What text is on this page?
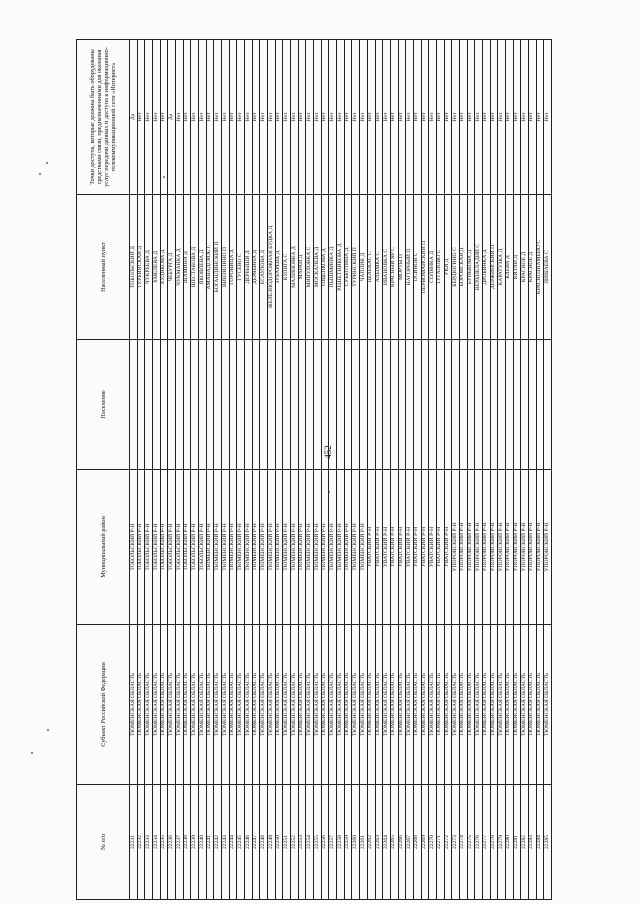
452
№ п/п	Субъект Российской Федерации	Муниципальный район	Поселение	Населенный пункт	Точки доступа, которые должны быть оборудованы средствами связи, предназначенными для оказания услуг передачи данных и доступа к информационно-телекоммуникационной сети «Интернет»
22231	ТЮМЕНСКАЯ ОБЛАСТЬ	ТОБОЛЬСКИЙ Р-Н		ТОБОЛЬСКИЙ Д	Да
22232	ТЮМЕНСКАЯ ОБЛАСТЬ	ТОБОЛЬСКИЙ Р-Н		ТУРБИНСКАЯ Д	Нет
22233	ТЮМЕНСКАЯ ОБЛАСТЬ	ТОБОЛЬСКИЙ Р-Н		ЧУКРЕЕВА Д	Нет
22234	ТЮМЕНСКАЯ ОБЛАСТЬ	ТОБОЛЬСКИЙ Р-Н		ХМЕЛЕВА Д	Нет
22235	ТЮМЕНСКАЯ ОБЛАСТЬ	ТОБОЛЬСКИЙ Р-Н		ХУДЯКОВА Д	Нет
22236	ТЮМЕНСКАЯ ОБЛАСТЬ	ТОБОЛЬСКИЙ Р-Н		ЧЕБУРГА Д	Да
22237	ТЮМЕНСКАЯ ОБЛАСТЬ	ТОБОЛЬСКИЙ Р-Н		ЧУКМАНКА Д	Нет
22238	ТЮМЕНСКАЯ ОБЛАСТЬ	ТОБОЛЬСКИЙ Р-Н		ШАМИНА Д	Нет
22239	ТЮМЕНСКАЯ ОБЛАСТЬ	ТОБОЛЬСКИЙ Р-Н		ШЕСТАКОВА Д	Нет
22240	ТЮМЕНСКАЯ ОБЛАСТЬ	ТОБОЛЬСКИЙ Р-Н		ЯКОВЛЕВА Д	Нет
22241	ТЮМЕНСКАЯ ОБЛАСТЬ	ТЮМЕНСКИЙ Р-Н		АМАНАДСКОЕ С	Нет
22242	ТЮМЕНСКАЯ ОБЛАСТЬ	ТЮМЕНСКИЙ Р-Н		БОГАНДИНСКИЙ П	Нет
22243	ТЮМЕНСКАЯ ОБЛАСТЬ	ТЮМЕНСКИЙ Р-Н		ВИНЗИЛИНО П	Нет
22244	ТЮМЕНСКАЯ ОБЛАСТЬ	ТЮМЕНСКИЙ Р-Н		ГОРОВИЦА Д	Нет
22245	ТЮМЕНСКАЯ ОБЛАСТЬ	ТЮМЕНСКИЙ Р-Н		ГУСЕВО С	Нет
22246	ТЮМЕНСКАЯ ОБЛАСТЬ	ТЮМЕНСКИЙ Р-Н		ДЕРБЫШИ Д	Нет
22247	ТЮМЕНСКАЯ ОБЛАСТЬ	ТЮМЕНСКИЙ Р-Н		ДЕРЯБИНА Д	Нет
22248	ТЮМЕНСКАЯ ОБЛАСТЬ	ТЮМЕНСКИЙ Р-Н		ЕСАУЛОВА Д	Нет
22249	ТЮМЕНСКАЯ ОБЛАСТЬ	ТЮМЕНСКИЙ Р-Н		ЖЕЛЕЗНОДОРОЖНАЯ БУДКА Д	Нет
22250	ТЮМЕНСКАЯ ОБЛАСТЬ	ТЮМЕНСКИЙ Р-Н		ЗУБАРЕВА Д	Нет
22251	ТЮМЕНСКАЯ ОБЛАСТЬ	ТЮМЕНСКИЙ Р-Н		КУЛИГА С	Нет
22252	ТЮМЕНСКАЯ ОБЛАСТЬ	ТЮМЕНСКИЙ Р-Н		МАЛИНОВКА Д	Нет
22253	ТЮМЕНСКАЯ ОБЛАСТЬ	ТЮМЕНСКИЙ Р-Н		МАРАЙ Д	Нет
22254	ТЮМЕНСКАЯ ОБЛАСТЬ	ТЮМЕНСКИЙ Р-Н		МИНУЛОВКА С	Нет
22255	ТЮМЕНСКАЯ ОБЛАСТЬ	ТЮМЕНСКИЙ Р-Н		МОСКАЛЕВА Д	Нет
22256	ТЮМЕНСКАЯ ОБЛАСТЬ	ТЮМЕНСКИЙ Р-Н		ОЩЕПКОВА Д	Нет
22257	ТЮМЕНСКАЯ ОБЛАСТЬ	ТЮМЕНСКИЙ Р-Н		ПЫШМИНКА Д	Нет
22258	ТЮМЕНСКАЯ ОБЛАСТЬ	ТЮМЕНСКИЙ Р-Н		РЕШЕТНИКОВА Д	Нет
22259	ТЮМЕНСКАЯ ОБЛАСТЬ	ТЮМЕНСКИЙ Р-Н		СУББОТИНА Д	Нет
22260	ТЮМЕНСКАЯ ОБЛАСТЬ	ТЮМЕНСКИЙ Р-Н		ТУРИНСКИЙ П	Нет
22261	ТЮМЕНСКАЯ ОБЛАСТЬ	ТЮМЕНСКИЙ Р-Н		ЧАПЛИК Д	Нет
22262	ТЮМЕНСКАЯ ОБЛАСТЬ	УВАТСКИЙ Р-Н		ЦЕЛЕКАС С	Нет
22263	ТЮМЕНСКАЯ ОБЛАСТЬ	УВАТСКИЙ Р-Н		АЛЫМКА С	Нет
22264	ТЮМЕНСКАЯ ОБЛАСТЬ	УВАТСКИЙ Р-Н		ИВАНОВКА С	Нет
22265	ТЮМЕНСКАЯ ОБЛАСТЬ	УВАТСКИЙ Р-Н		КРАСНЫЙ ЯР С	Нет
22266	ТЮМЕНСКАЯ ОБЛАСТЬ	УВАТСКИЙ Р-Н		МОРТЫ П	Нет
22267	ТЮМЕНСКАЯ ОБЛАСТЬ	УВАТСКИЙ Р-Н		НАГОРНЫЙ П	Нет
22268	ТЮМЕНСКАЯ ОБЛАСТЬ	УВАТСКИЙ Р-Н		ОСИНОВ С	Нет
22269	ТЮМЕНСКАЯ ОБЛАСТЬ	УВАТСКИЙ Р-Н		ПЕРВОМАЙСКИЙ П	Нет
22270	ТЮМЕНСКАЯ ОБЛАСТЬ	УВАТСКИЙ Р-Н		СОЛЯНКА Д	Нет
22271	ТЮМЕНСКАЯ ОБЛАСТЬ	УВАТСКИЙ Р-Н		ТУГАЛОВО С	Нет
22272	ТЮМЕНСКАЯ ОБЛАСТЬ	УВАТСКИЙ Р-Н		УКИ Д	Нет
22273	ТЮМЕНСКАЯ ОБЛАСТЬ	УПОРОВСКИЙ Р-Н		БЕРДЮГИНО С	Нет
22274	ТЮМЕНСКАЯ ОБЛАСТЬ	УПОРОВСКИЙ Р-Н		БОРОВСКАЯ Д	Нет
22275	ТЮМЕНСКАЯ ОБЛАСТЬ	УПОРОВСКИЙ Р-Н		БУНЬКОВА Д	Нет
22276	ТЮМЕНСКАЯ ОБЛАСТЬ	УПОРОВСКИЙ Р-Н		ВЕРХНЕЛАДИЙ С	Нет
22277	ТЮМЕНСКАЯ ОБЛАСТЬ	УПОРОВСКИЙ Р-Н		ДРОБИНКА Д	Нет
22278	ТЮМЕНСКАЯ ОБЛАСТЬ	УПОРОВСКИЙ Р-Н		ДЕРЖИНСКИЙ П	Нет
22279	ТЮМЕНСКАЯ ОБЛАСТЬ	УПОРОВСКИЙ Р-Н		КАРАТУЗКА Д	Нет
22280	ТЮМЕНСКАЯ ОБЛАСТЬ	УПОРОВСКИЙ Р-Н		КЛЕВА Д	Нет
22281	ТЮМЕНСКАЯ ОБЛАСТЬ	УПОРОВСКИЙ Р-Н		КИТАЙ Д	Нет
22282	ТЮМЕНСКАЯ ОБЛАСТЬ	УПОРОВСКИЙ Р-Н		КРАСНОЕ Д	Нет
22283	ТЮМЕНСКАЯ ОБЛАСТЬ	УПОРОВСКИЙ Р-Н		КРАСНОЕ Д	Нет
22284	ТЮМЕНСКАЯ ОБЛАСТЬ	УПОРОВСКИЙ Р-Н		КРАСНОЗНАМЕНО С	Нет
22285	ТЮМЕНСКАЯ ОБЛАСТЬ	УПОРОВСКИЙ Р-Н		ЛИШАЕВА С	Нет
